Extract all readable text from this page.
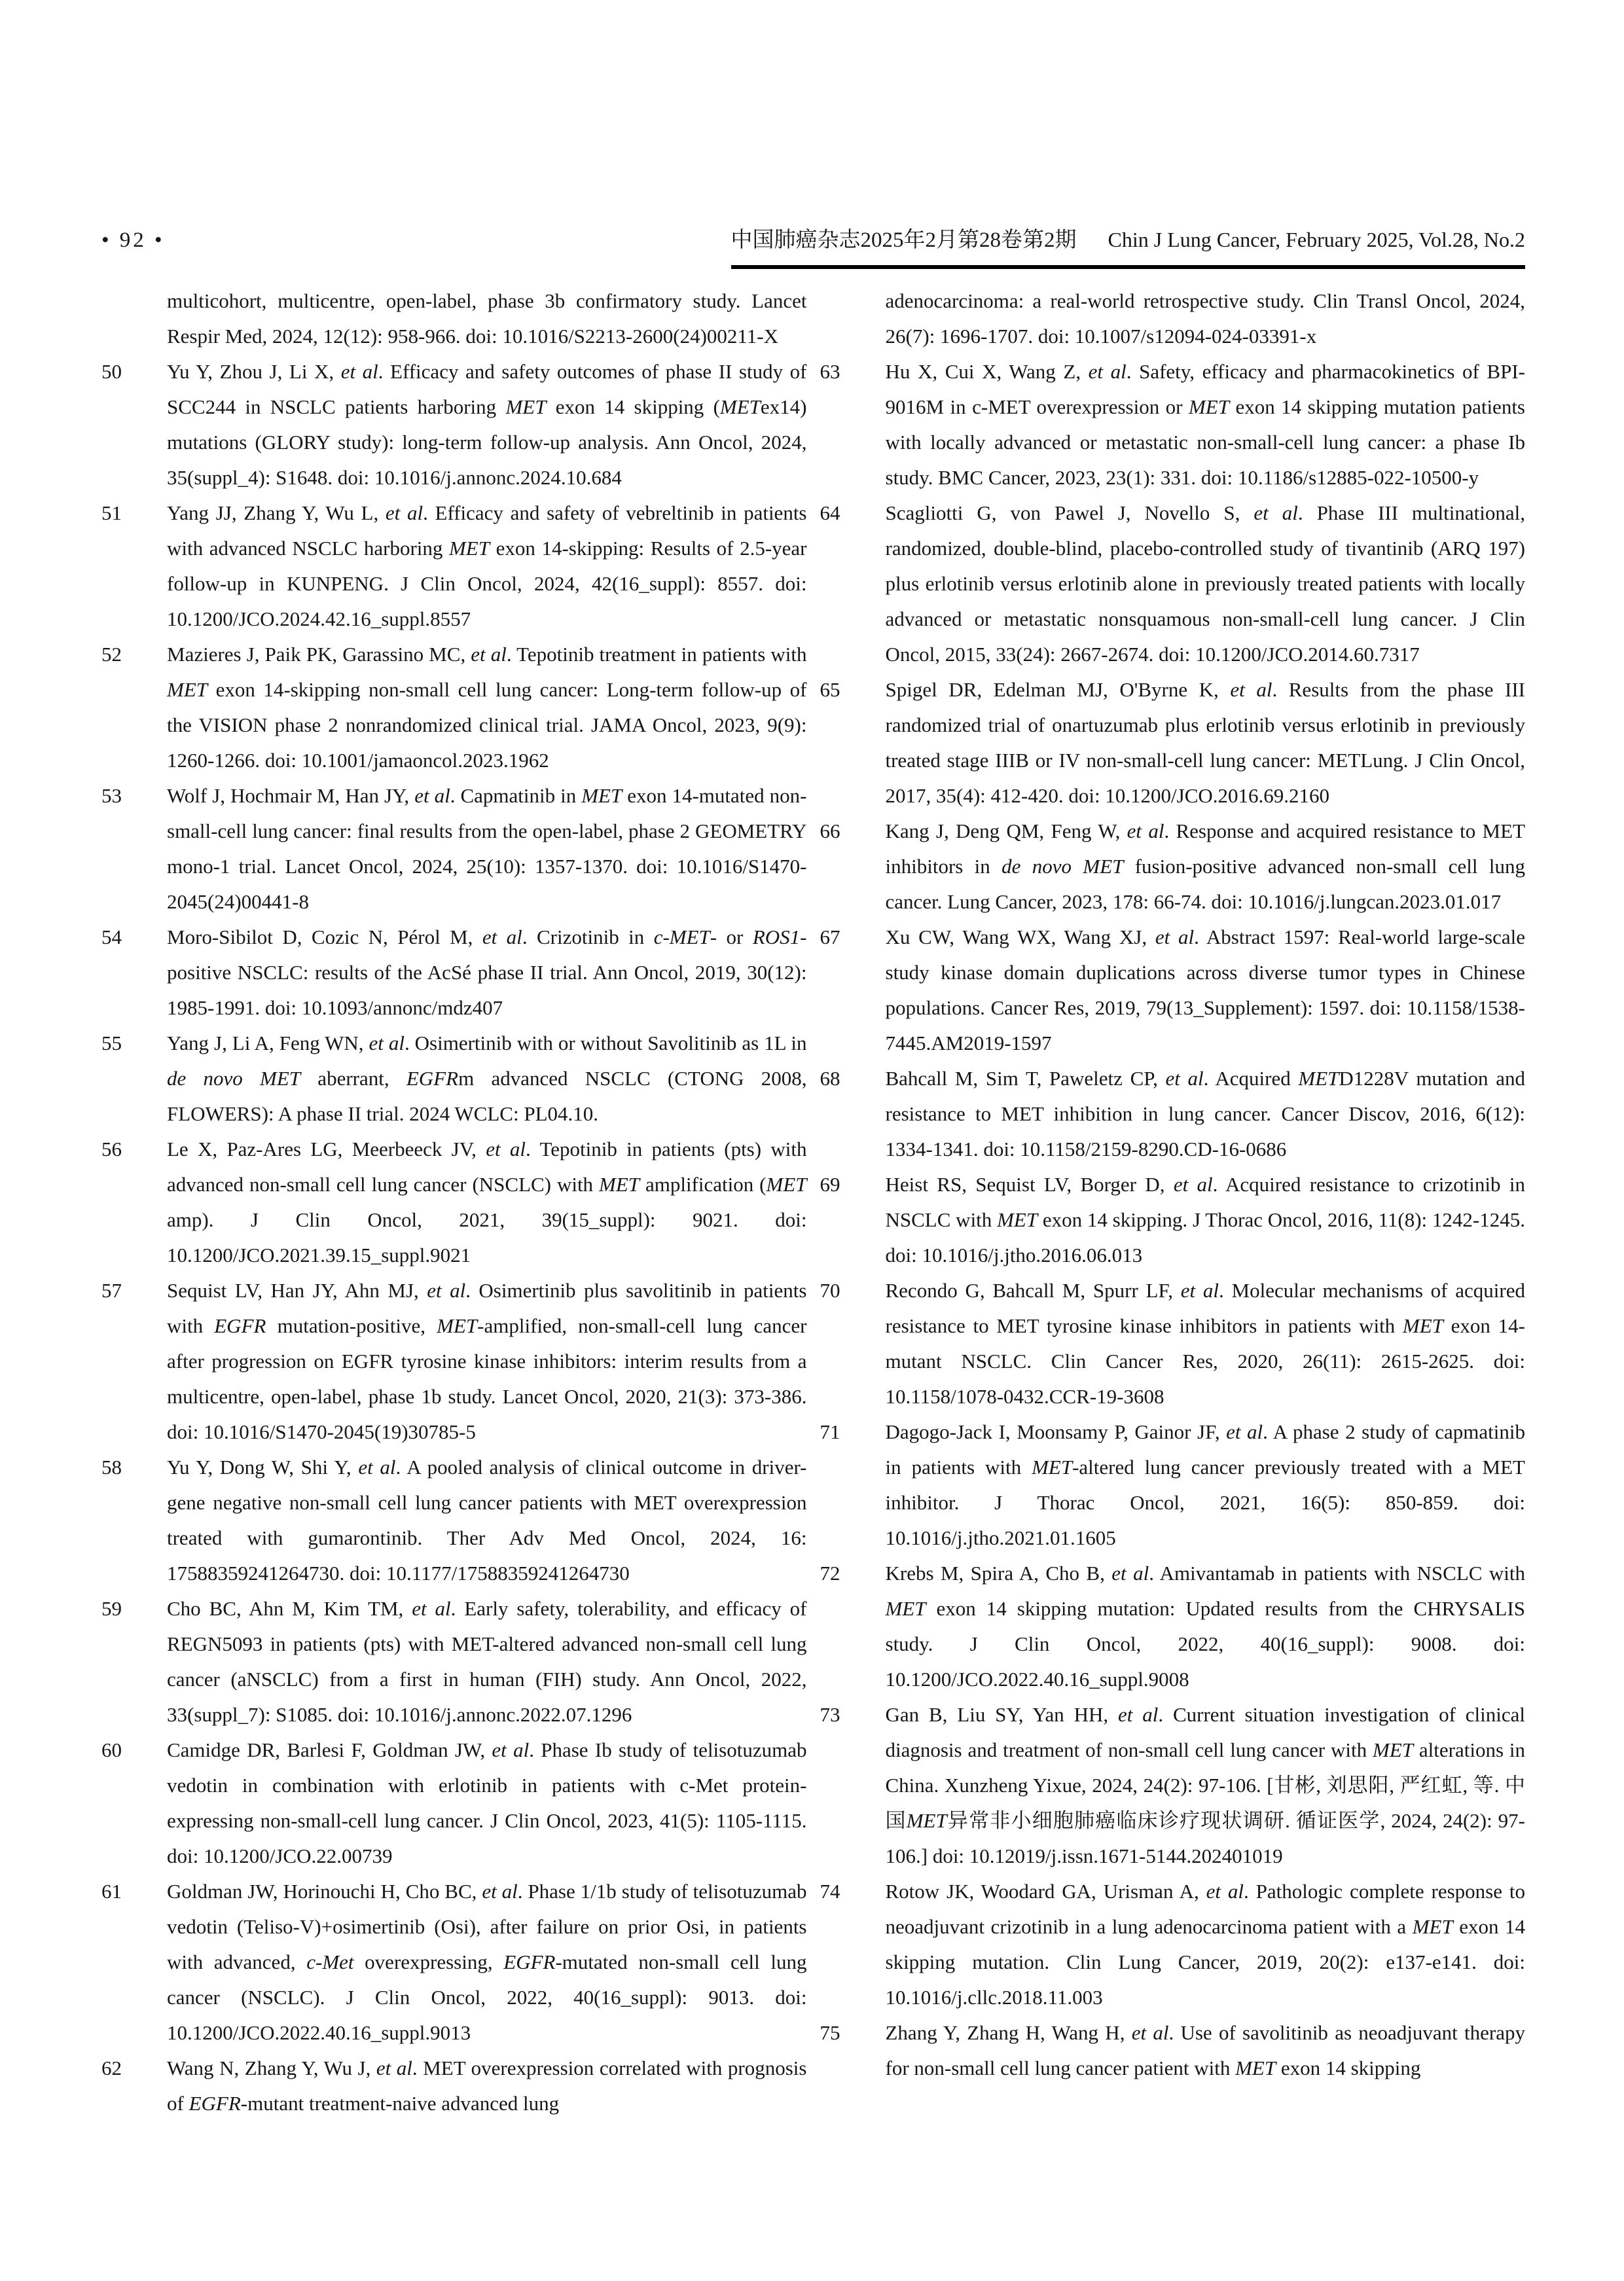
• 92 •	中国肺癌杂志2025年2月第28卷第2期 Chin J Lung Cancer, February 2025, Vol.28, No.2
multicohort, multicentre, open-label, phase 3b confirmatory study. Lancet Respir Med, 2024, 12(12): 958-966. doi: 10.1016/S2213-2600(24)00211-X
50	Yu Y, Zhou J, Li X, et al. Efficacy and safety outcomes of phase II study of SCC244 in NSCLC patients harboring MET exon 14 skipping (METex14) mutations (GLORY study): long-term follow-up analysis. Ann Oncol, 2024, 35(suppl_4): S1648. doi: 10.1016/j.annonc.2024.10.684
51	Yang JJ, Zhang Y, Wu L, et al. Efficacy and safety of vebreltinib in patients with advanced NSCLC harboring MET exon 14-skipping: Results of 2.5-year follow-up in KUNPENG. J Clin Oncol, 2024, 42(16_suppl): 8557. doi: 10.1200/JCO.2024.42.16_suppl.8557
52	Mazieres J, Paik PK, Garassino MC, et al. Tepotinib treatment in patients with MET exon 14-skipping non-small cell lung cancer: Long-term follow-up of the VISION phase 2 nonrandomized clinical trial. JAMA Oncol, 2023, 9(9): 1260-1266. doi: 10.1001/jamaoncol.2023.1962
53	Wolf J, Hochmair M, Han JY, et al. Capmatinib in MET exon 14-mutated non-small-cell lung cancer: final results from the open-label, phase 2 GEOMETRY mono-1 trial. Lancet Oncol, 2024, 25(10): 1357-1370. doi: 10.1016/S1470-2045(24)00441-8
54	Moro-Sibilot D, Cozic N, Pérol M, et al. Crizotinib in c-MET- or ROS1-positive NSCLC: results of the AcSé phase II trial. Ann Oncol, 2019, 30(12): 1985-1991. doi: 10.1093/annonc/mdz407
55	Yang J, Li A, Feng WN, et al. Osimertinib with or without Savolitinib as 1L in de novo MET aberrant, EGFRm advanced NSCLC (CTONG 2008, FLOWERS): A phase II trial. 2024 WCLC: PL04.10.
56	Le X, Paz-Ares LG, Meerbeeck JV, et al. Tepotinib in patients (pts) with advanced non-small cell lung cancer (NSCLC) with MET amplification (MET amp). J Clin Oncol, 2021, 39(15_suppl): 9021. doi: 10.1200/JCO.2021.39.15_suppl.9021
57	Sequist LV, Han JY, Ahn MJ, et al. Osimertinib plus savolitinib in patients with EGFR mutation-positive, MET-amplified, non-small-cell lung cancer after progression on EGFR tyrosine kinase inhibitors: interim results from a multicentre, open-label, phase 1b study. Lancet Oncol, 2020, 21(3): 373-386. doi: 10.1016/S1470-2045(19)30785-5
58	Yu Y, Dong W, Shi Y, et al. A pooled analysis of clinical outcome in driver-gene negative non-small cell lung cancer patients with MET overexpression treated with gumarontinib. Ther Adv Med Oncol, 2024, 16: 17588359241264730. doi: 10.1177/17588359241264730
59	Cho BC, Ahn M, Kim TM, et al. Early safety, tolerability, and efficacy of REGN5093 in patients (pts) with MET-altered advanced non-small cell lung cancer (aNSCLC) from a first in human (FIH) study. Ann Oncol, 2022, 33(suppl_7): S1085. doi: 10.1016/j.annonc.2022.07.1296
60	Camidge DR, Barlesi F, Goldman JW, et al. Phase Ib study of telisotuzumab vedotin in combination with erlotinib in patients with c-Met protein-expressing non-small-cell lung cancer. J Clin Oncol, 2023, 41(5): 1105-1115. doi: 10.1200/JCO.22.00739
61	Goldman JW, Horinouchi H, Cho BC, et al. Phase 1/1b study of telisotuzumab vedotin (Teliso-V)+osimertinib (Osi), after failure on prior Osi, in patients with advanced, c-Met overexpressing, EGFR-mutated non-small cell lung cancer (NSCLC). J Clin Oncol, 2022, 40(16_suppl): 9013. doi: 10.1200/JCO.2022.40.16_suppl.9013
62	Wang N, Zhang Y, Wu J, et al. MET overexpression correlated with prognosis of EGFR-mutant treatment-naive advanced lung
adenocarcinoma: a real-world retrospective study. Clin Transl Oncol, 2024, 26(7): 1696-1707. doi: 10.1007/s12094-024-03391-x
63	Hu X, Cui X, Wang Z, et al. Safety, efficacy and pharmacokinetics of BPI-9016M in c-MET overexpression or MET exon 14 skipping mutation patients with locally advanced or metastatic non-small-cell lung cancer: a phase Ib study. BMC Cancer, 2023, 23(1): 331. doi: 10.1186/s12885-022-10500-y
64	Scagliotti G, von Pawel J, Novello S, et al. Phase III multinational, randomized, double-blind, placebo-controlled study of tivantinib (ARQ 197) plus erlotinib versus erlotinib alone in previously treated patients with locally advanced or metastatic nonsquamous non-small-cell lung cancer. J Clin Oncol, 2015, 33(24): 2667-2674. doi: 10.1200/JCO.2014.60.7317
65	Spigel DR, Edelman MJ, O'Byrne K, et al. Results from the phase III randomized trial of onartuzumab plus erlotinib versus erlotinib in previously treated stage IIIB or IV non-small-cell lung cancer: METLung. J Clin Oncol, 2017, 35(4): 412-420. doi: 10.1200/JCO.2016.69.2160
66	Kang J, Deng QM, Feng W, et al. Response and acquired resistance to MET inhibitors in de novo MET fusion-positive advanced non-small cell lung cancer. Lung Cancer, 2023, 178: 66-74. doi: 10.1016/j.lungcan.2023.01.017
67	Xu CW, Wang WX, Wang XJ, et al. Abstract 1597: Real-world large-scale study kinase domain duplications across diverse tumor types in Chinese populations. Cancer Res, 2019, 79(13_Supplement): 1597. doi: 10.1158/1538-7445.AM2019-1597
68	Bahcall M, Sim T, Paweletz CP, et al. Acquired METD1228V mutation and resistance to MET inhibition in lung cancer. Cancer Discov, 2016, 6(12): 1334-1341. doi: 10.1158/2159-8290.CD-16-0686
69	Heist RS, Sequist LV, Borger D, et al. Acquired resistance to crizotinib in NSCLC with MET exon 14 skipping. J Thorac Oncol, 2016, 11(8): 1242-1245. doi: 10.1016/j.jtho.2016.06.013
70	Recondo G, Bahcall M, Spurr LF, et al. Molecular mechanisms of acquired resistance to MET tyrosine kinase inhibitors in patients with MET exon 14-mutant NSCLC. Clin Cancer Res, 2020, 26(11): 2615-2625. doi: 10.1158/1078-0432.CCR-19-3608
71	Dagogo-Jack I, Moonsamy P, Gainor JF, et al. A phase 2 study of capmatinib in patients with MET-altered lung cancer previously treated with a MET inhibitor. J Thorac Oncol, 2021, 16(5): 850-859. doi: 10.1016/j.jtho.2021.01.1605
72	Krebs M, Spira A, Cho B, et al. Amivantamab in patients with NSCLC with MET exon 14 skipping mutation: Updated results from the CHRYSALIS study. J Clin Oncol, 2022, 40(16_suppl): 9008. doi: 10.1200/JCO.2022.40.16_suppl.9008
73	Gan B, Liu SY, Yan HH, et al. Current situation investigation of clinical diagnosis and treatment of non-small cell lung cancer with MET alterations in China. Xunzheng Yixue, 2024, 24(2): 97-106. [甘彬, 刘思阳, 严红虹, 等. 中国MET异常非小细胞肺癌临床诊疗现状调研. 循证医学, 2024, 24(2): 97-106.] doi: 10.12019/j.issn.1671-5144.202401019
74	Rotow JK, Woodard GA, Urisman A, et al. Pathologic complete response to neoadjuvant crizotinib in a lung adenocarcinoma patient with a MET exon 14 skipping mutation. Clin Lung Cancer, 2019, 20(2): e137-e141. doi: 10.1016/j.cllc.2018.11.003
75	Zhang Y, Zhang H, Wang H, et al. Use of savolitinib as neoadjuvant therapy for non-small cell lung cancer patient with MET exon 14 skipping
